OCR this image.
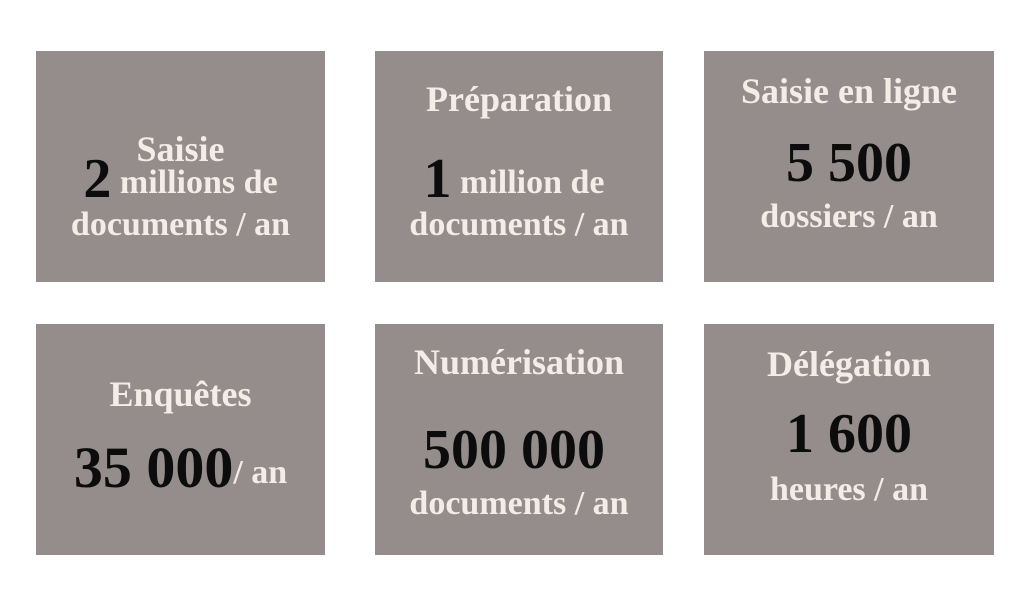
Saisie
2 millions de
documents / an
Préparation
1 million de
documents / an
Saisie en ligne
5 500
dossiers / an
Enquêtes
35 000/ an
Numérisation
500 000
documents / an
Délégation
1 600
heures / an
